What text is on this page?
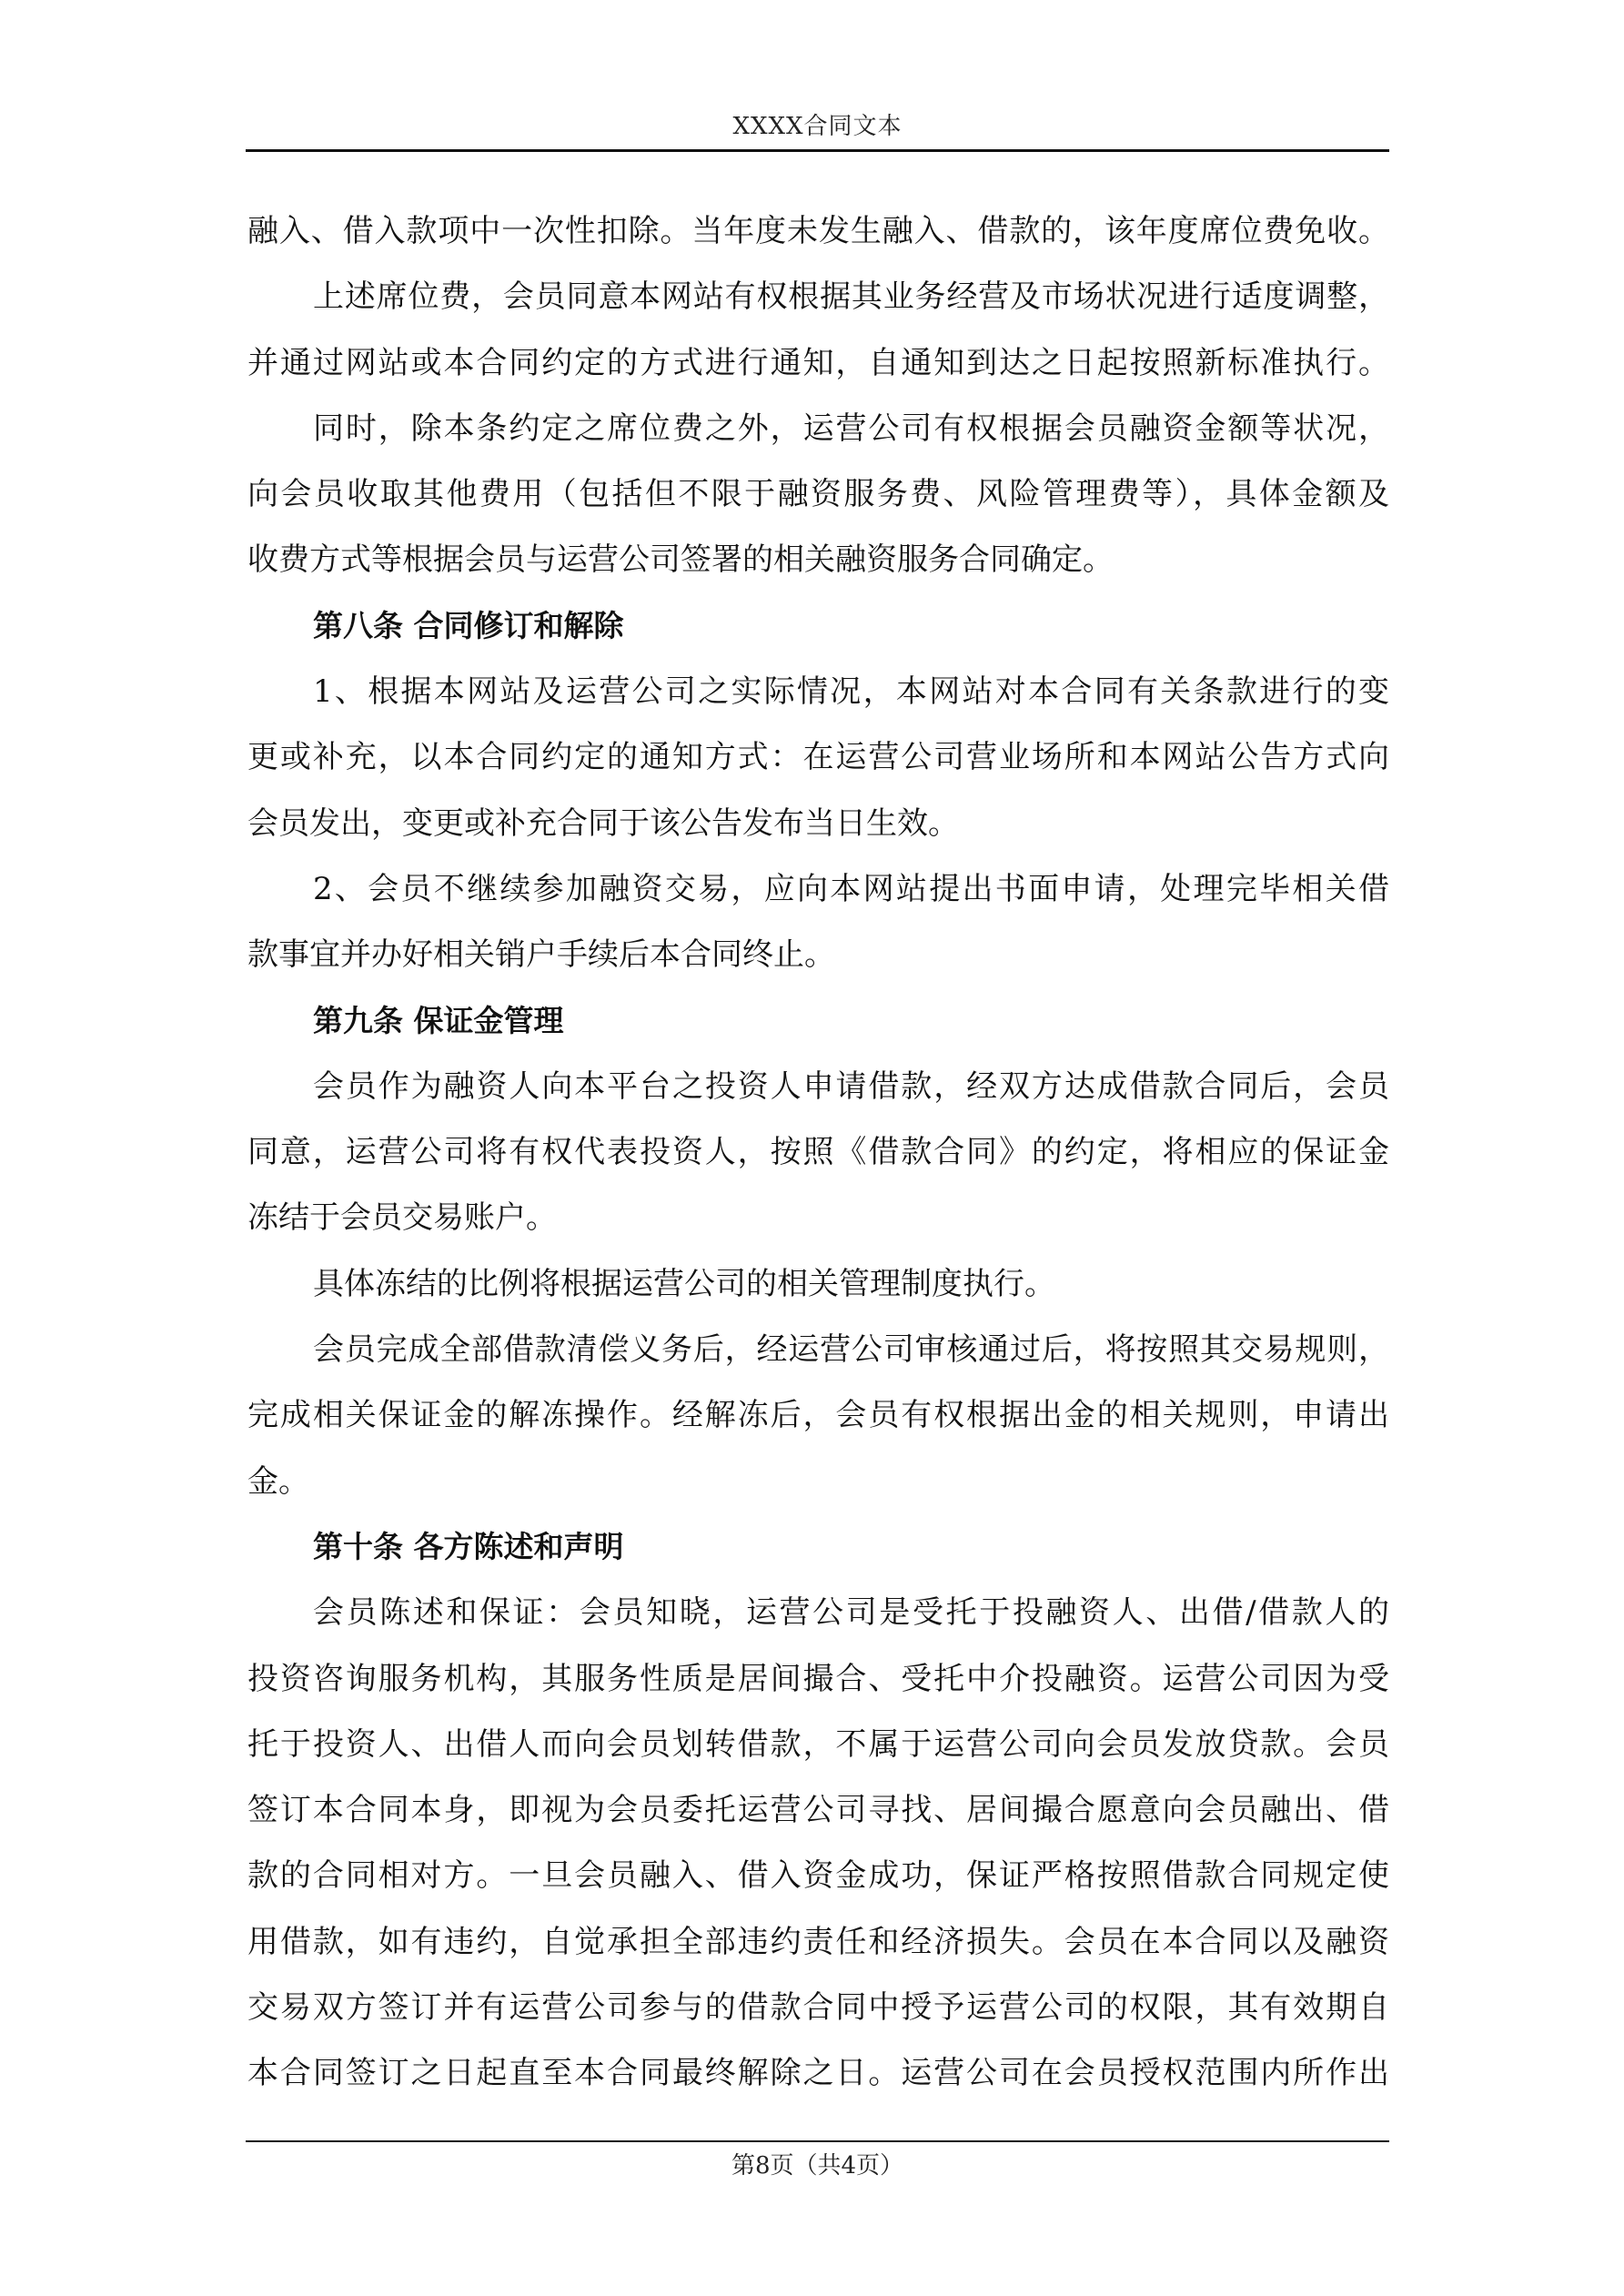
XXXX合同文本
融入、借入款项中一次性扣除。当年度未发生融入、借款的，该年度席位费免收。
上述席位费，会员同意本网站有权根据其业务经营及市场状况进行适度调整，
并通过网站或本合同约定的方式进行通知，自通知到达之日起按照新标准执行。
同时，除本条约定之席位费之外，运营公司有权根据会员融资金额等状况，
向会员收取其他费用（包括但不限于融资服务费、风险管理费等），具体金额及
收费方式等根据会员与运营公司签署的相关融资服务合同确定。
第八条 合同修订和解除
1、根据本网站及运营公司之实际情况，本网站对本合同有关条款进行的变
更或补充，以本合同约定的通知方式：在运营公司营业场所和本网站公告方式向
会员发出，变更或补充合同于该公告发布当日生效。
2、会员不继续参加融资交易，应向本网站提出书面申请，处理完毕相关借
款事宜并办好相关销户手续后本合同终止。
第九条 保证金管理
会员作为融资人向本平台之投资人申请借款，经双方达成借款合同后，会员
同意，运营公司将有权代表投资人，按照《借款合同》的约定，将相应的保证金
冻结于会员交易账户。
具体冻结的比例将根据运营公司的相关管理制度执行。
会员完成全部借款清偿义务后，经运营公司审核通过后，将按照其交易规则，
完成相关保证金的解冻操作。经解冻后，会员有权根据出金的相关规则，申请出
金。
第十条 各方陈述和声明
会员陈述和保证：会员知晓，运营公司是受托于投融资人、出借/借款人的
投资咨询服务机构，其服务性质是居间撮合、受托中介投融资。运营公司因为受
托于投资人、出借人而向会员划转借款，不属于运营公司向会员发放贷款。会员
签订本合同本身，即视为会员委托运营公司寻找、居间撮合愿意向会员融出、借
款的合同相对方。一旦会员融入、借入资金成功，保证严格按照借款合同规定使
用借款，如有违约，自觉承担全部违约责任和经济损失。会员在本合同以及融资
交易双方签订并有运营公司参与的借款合同中授予运营公司的权限，其有效期自
本合同签订之日起直至本合同最终解除之日。运营公司在会员授权范围内所作出
第8页（共4页）
